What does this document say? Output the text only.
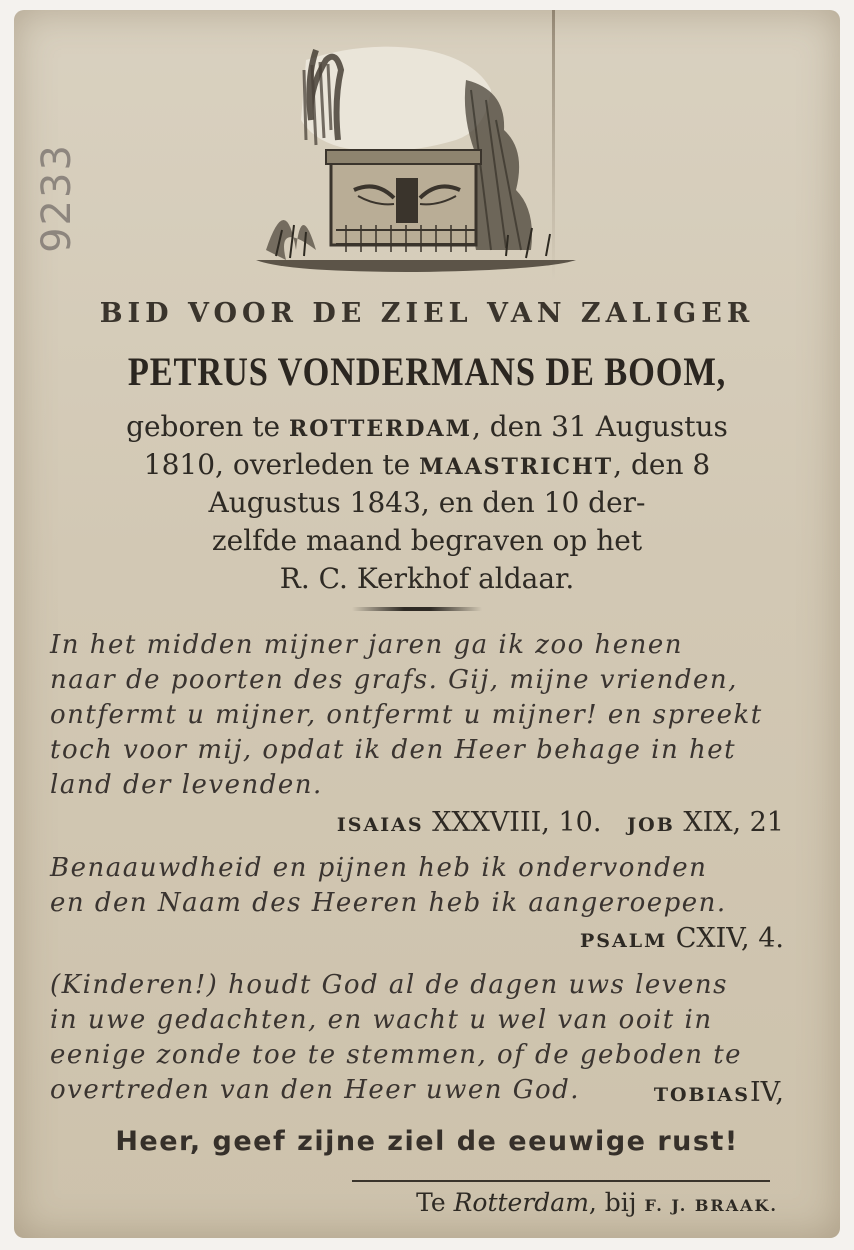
9233
BID VOOR DE ZIEL VAN ZALIGER
PETRUS VONDERMANS DE BOOM,
geboren te ROTTERDAM, den 31 Augustus
1810, overleden te MAASTRICHT, den 8
Augustus 1843, en den 10 der-
zelfde maand begraven op het
R. C. Kerkhof aldaar.
In het midden mijner jaren ga ik zoo henen
naar de poorten des grafs. Gij, mijne vrienden,
ontfermt u mijner, ontfermt u mijner! en spreekt
toch voor mij, opdat ik den Heer behage in het
land der levenden.
ISAIAS XXXVIII, 10. JOB XIX, 21
Benaauwdheid en pijnen heb ik ondervonden
en den Naam des Heeren heb ik aangeroepen.
PSALM CXIV, 4.
(Kinderen!) houdt God al de dagen uws levens
in uwe gedachten, en wacht u wel van ooit in
eenige zonde toe te stemmen, of de geboden te
overtreden van den Heer uwen God.	TOBIASIV,
Heer, geef zijne ziel de eeuwige rust!
Te Rotterdam, bij F. J. BRAAK.
